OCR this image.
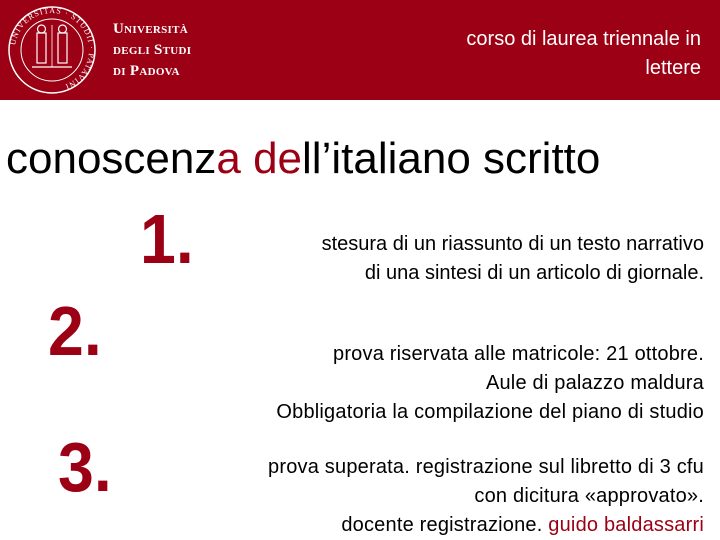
UNIVERSITAS · STUDII · PATAVINI
Università
degli Studi
di Padova
corso di laurea triennale in
lettere
conoscenza dell’italiano scritto
1.
2.
3.
stesura di un riassunto di un testo narrativo
di una sintesi di un articolo di giornale.
prova riservata alle matricole: 21 ottobre.
Aule di palazzo maldura
Obbligatoria la compilazione del piano di studio
prova superata. registrazione sul libretto di 3 cfu
con dicitura «approvato».
docente registrazione. guido baldassarri
